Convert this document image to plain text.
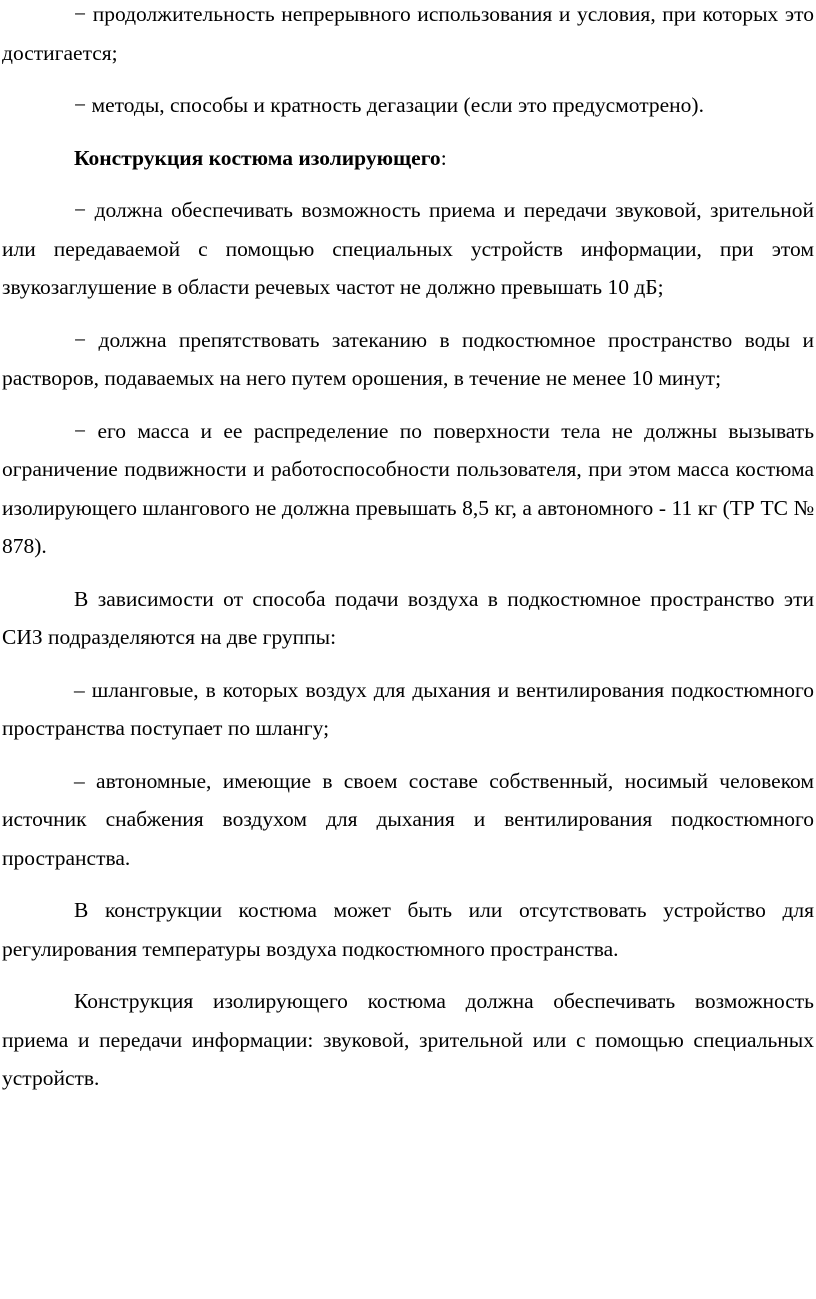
− продолжительность непрерывного использования и условия, при которых это достигается;

− методы, способы и кратность дегазации (если это предусмотрено).

Конструкция костюма изолирующего:

− должна обеспечивать возможность приема и передачи звуковой, зрительной или передаваемой с помощью специальных устройств информации, при этом звукозаглушение в области речевых частот не должно превышать 10 дБ;

− должна препятствовать затеканию в подкостюмное пространство воды и растворов, подаваемых на него путем орошения, в течение не менее 10 минут;

− его масса и ее распределение по поверхности тела не должны вызывать ограничение подвижности и работоспособности пользователя, при этом масса костюма изолирующего шлангового не должна превышать 8,5 кг, а автономного - 11 кг (ТР ТС № 878).

В зависимости от способа подачи воздуха в подкостюмное пространство эти СИЗ подразделяются на две группы:

– шланговые, в которых воздух для дыхания и вентилирования подкостюмного пространства поступает по шлангу;

– автономные, имеющие в своем составе собственный, носимый человеком источник снабжения воздухом для дыхания и вентилирования подкостюмного пространства.

В конструкции костюма может быть или отсутствовать устройство для регулирования температуры воздуха подкостюмного пространства.

Конструкция изолирующего костюма должна обеспечивать возможность приема и передачи информации: звуковой, зрительной или с помощью специальных устройств.
